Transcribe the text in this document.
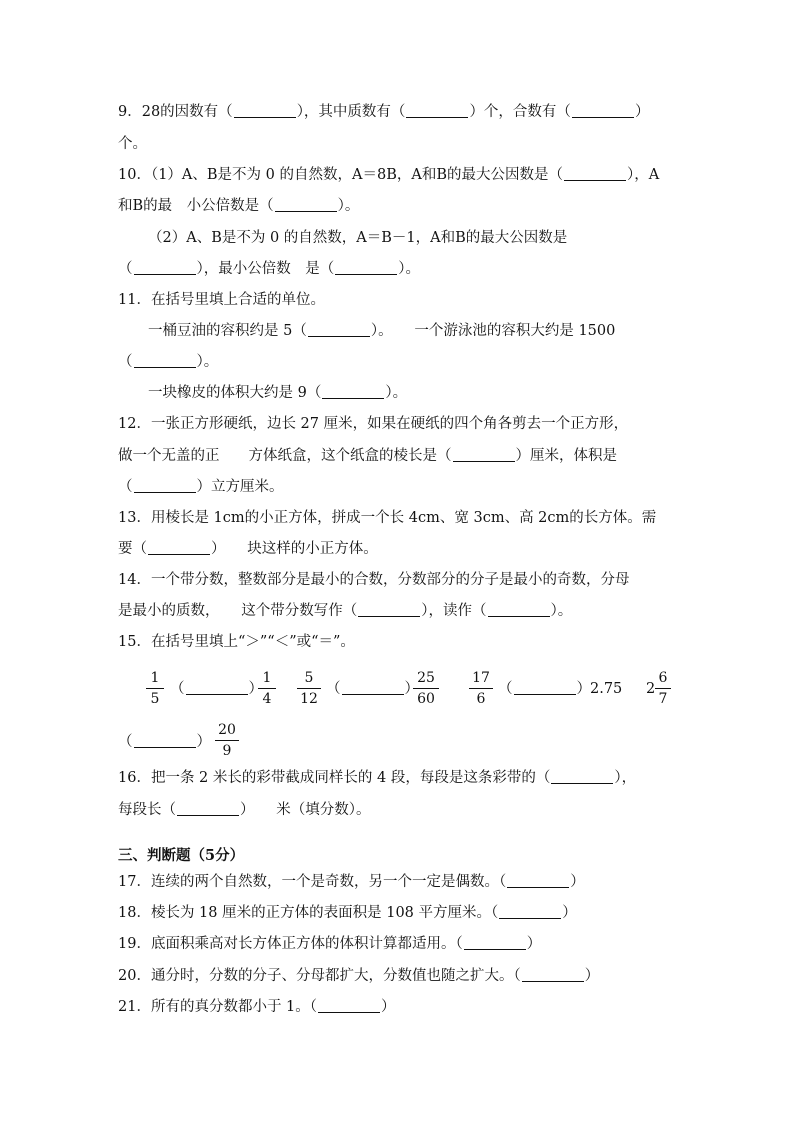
9．28的因数有（	），其中质数有（	）个，合数有（	）
个。
10．（1）A、B是不为 0 的自然数，A＝8B，A和B的最大公因数是（	），A
和B的最　小公倍数是（	）。
（2）A、B是不为 0 的自然数，A＝B－1，A和B的最大公因数是
（	），最小公倍数　是（	）。
11．在括号里填上合适的单位。
一桶豆油的容积约是 5（	）。　　一个游泳池的容积大约是 1500
（	）。
一块橡皮的体积大约是 9（	）。
12．一张正方形硬纸，边长 27 厘米，如果在硬纸的四个角各剪去一个正方形，
做一个无盖的正　　方体纸盒，这个纸盒的棱长是（	）厘米，体积是
（	）立方厘米。
13．用棱长是 1cm的小正方体，拼成一个长 4cm、宽 3cm、高 2cm的长方体。需
要（	）　　块这样的小正方体。
14．一个带分数，整数部分是最小的合数，分数部分的分子是最小的奇数，分母
是最小的质数，　　这个带分数写作（	），读作（	）。
15．在括号里填上“＞”“＜”或“＝”。
1
5
（	）
1
4
5
12
（	）
25
60
17
6
（	） 2.75 2
6
7
（	）
20
9
16．把一条 2 米长的彩带截成同样长的 4 段，每段是这条彩带的（	），
每段长（	）　　米（填分数）。
三、判断题（5分）
17．连续的两个自然数，一个是奇数，另一个一定是偶数。（	）
18．棱长为 18 厘米的正方体的表面积是 108 平方厘米。（	）
19．底面积乘高对长方体正方体的体积计算都适用。（	）
20．通分时，分数的分子、分母都扩大，分数值也随之扩大。（	）
21．所有的真分数都小于 1。（	）
